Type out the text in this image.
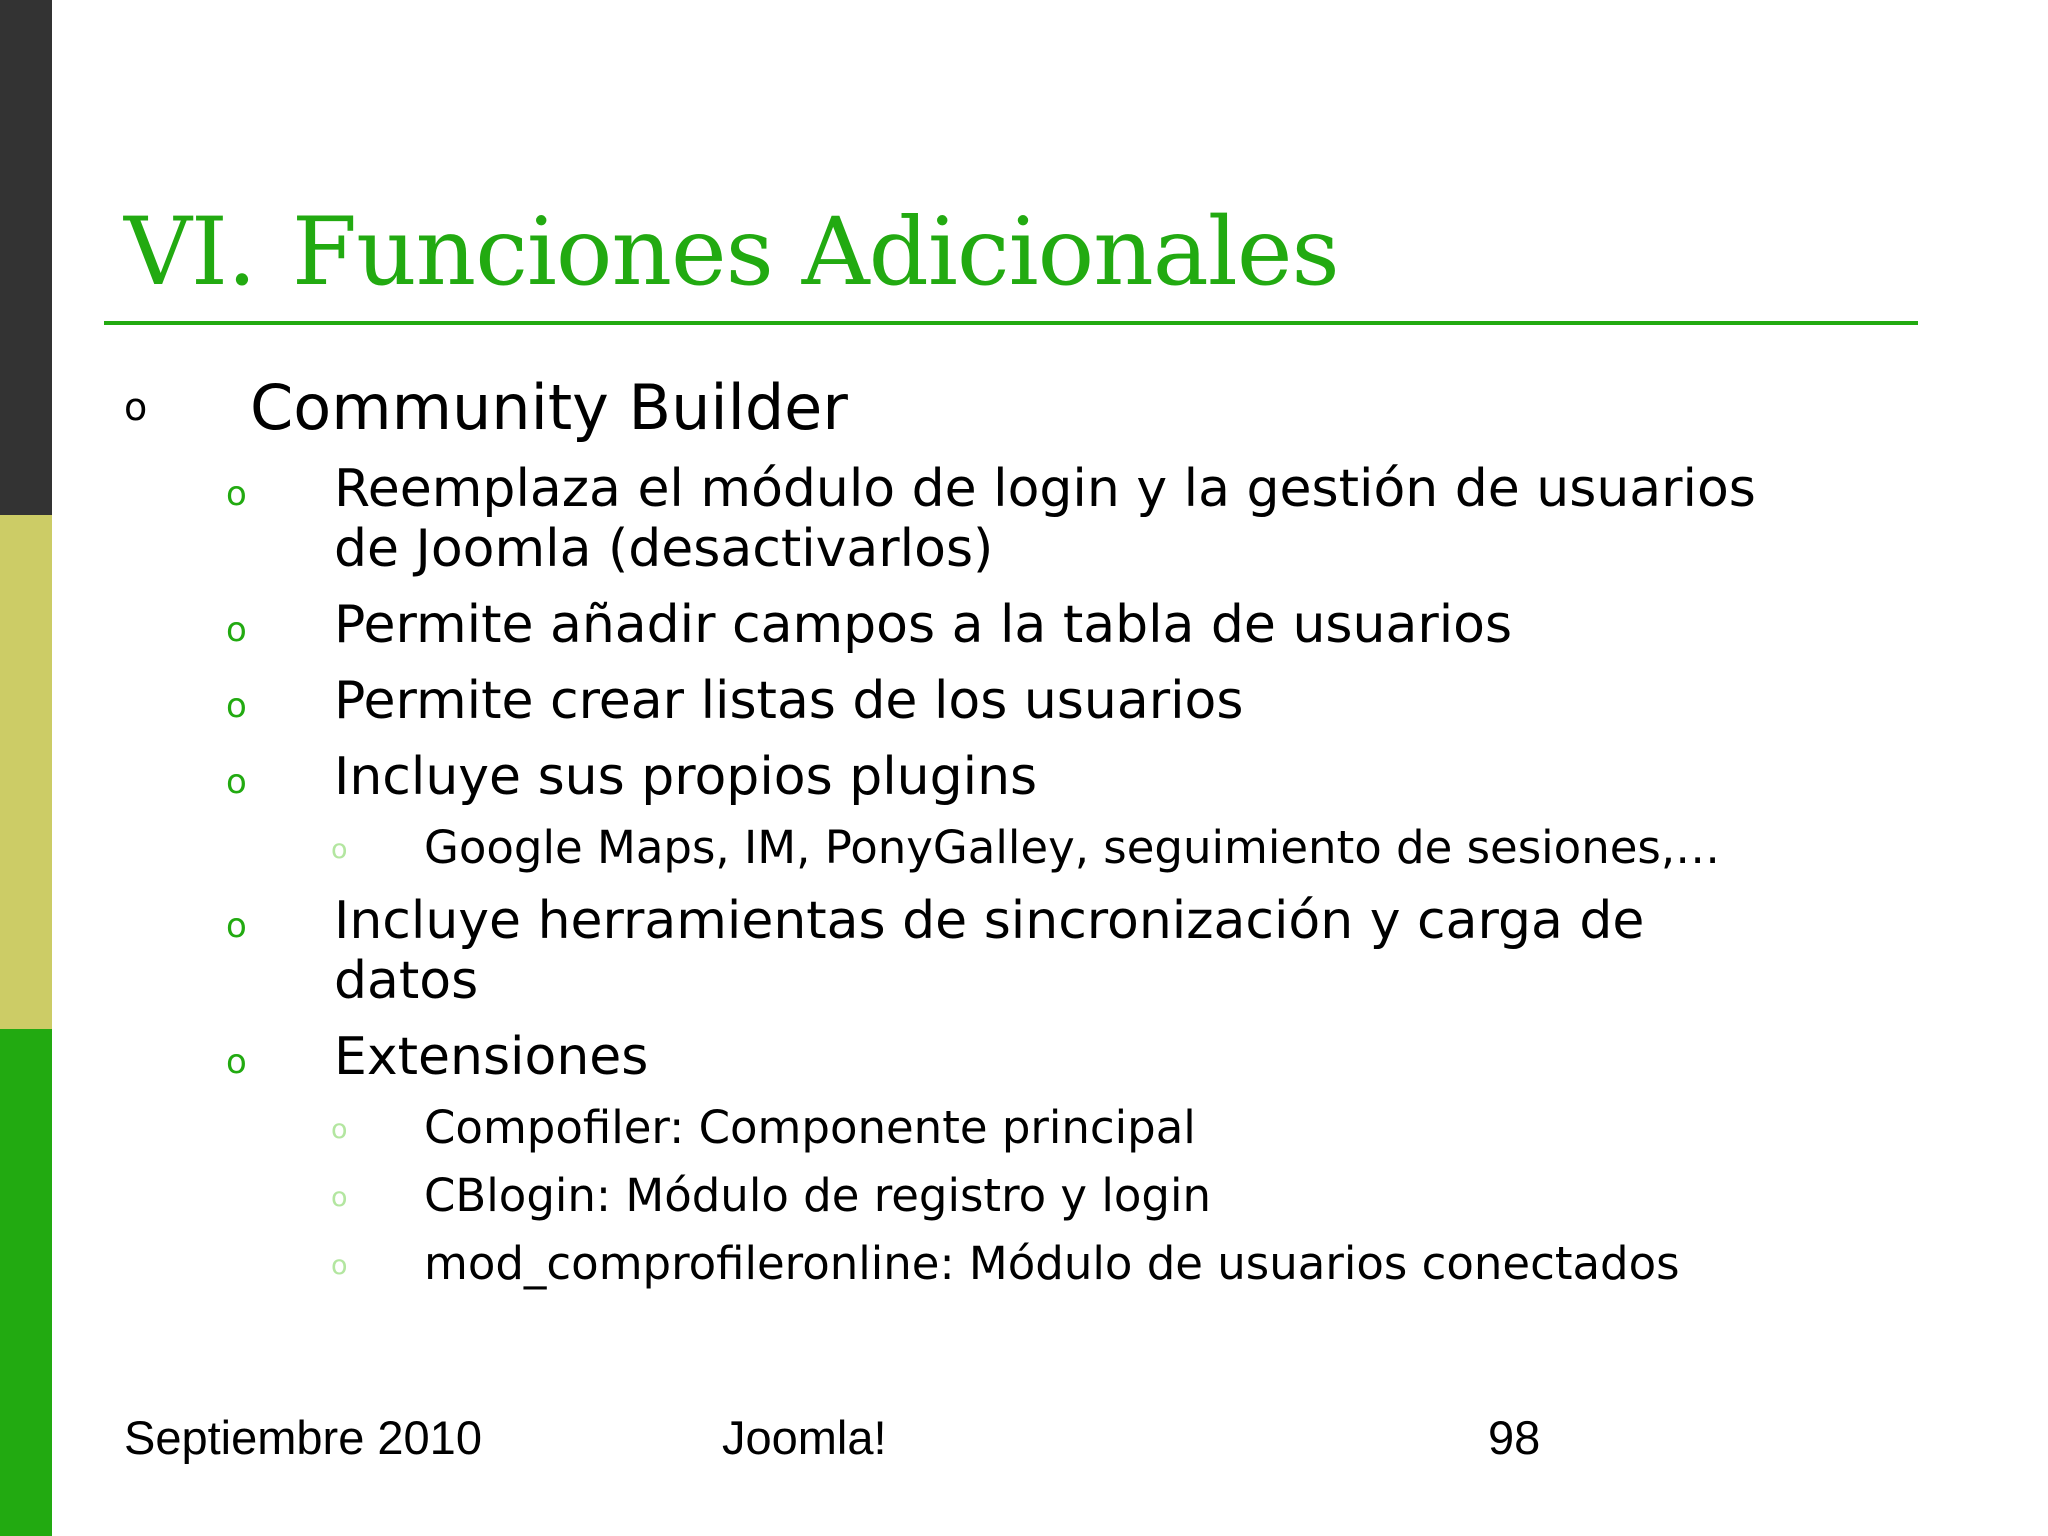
VI. Funciones Adicionales
o Community Builder
o Reemplaza el módulo de login y la gestión de usuarios
de Joomla (desactivarlos)
o Permite añadir campos a la tabla de usuarios
o Permite crear listas de los usuarios
o Incluye sus propios plugins
o Google Maps, IM, PonyGalley, seguimiento de sesiones,…
o Incluye herramientas de sincronización y carga de
datos
o Extensiones
o Compofiler: Componente principal
o CBlogin: Módulo de registro y login
o mod_comprofileronline: Módulo de usuarios conectados
Septiembre 2010	Joomla!	98
